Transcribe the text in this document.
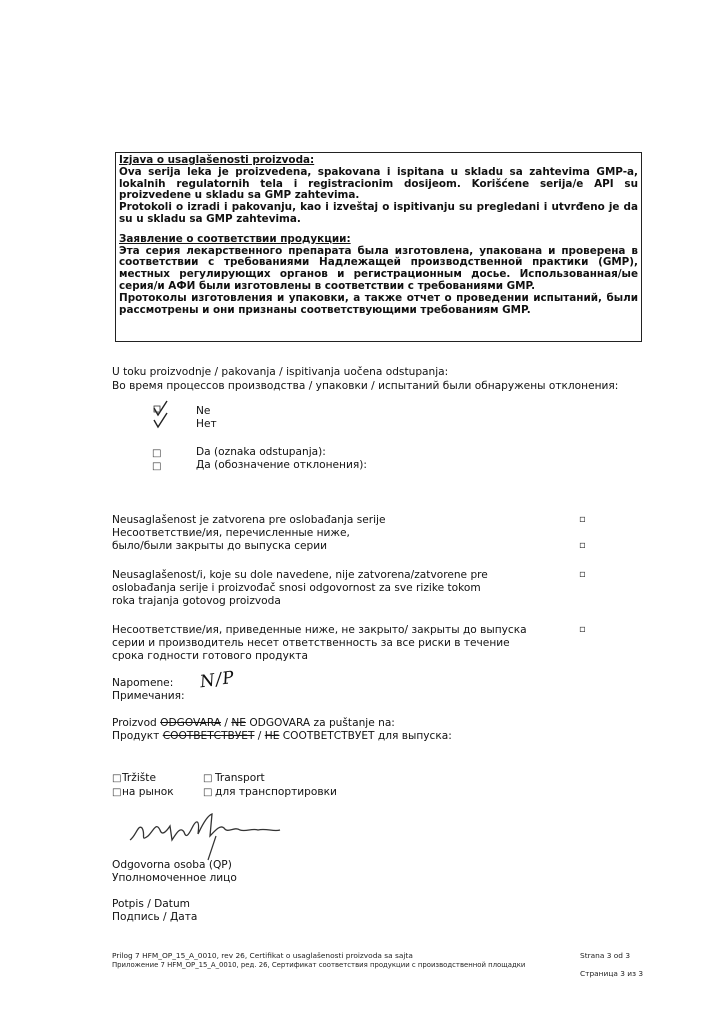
Izjava o usaglašenosti proizvoda:
Ova serija leka je proizvedena, spakovana i ispitana u skladu sa zahtevima GMP-a, lokalnih regulatornih tela i registracionim dosijeom. Korišćene serija/e API su proizvedene u skladu sa GMP zahtevima.
Protokoli o izradi i pakovanju, kao i izveštaj o ispitivanju su pregledani i utvrđeno je da su u skladu sa GMP zahtevima.
Заявление о соответствии продукции:
Эта серия лекарственного препарата была изготовлена, упакована и проверена в соответствии с требованиями Надлежащей производственной практики (GMP), местных регулирующих органов и регистрационным досье. Использованная/ые серия/и АФИ были изготовлены в соответствии с требованиями GMP.
Протоколы изготовления и упаковки, а также отчет о проведении испытаний, были рассмотрены и они признаны соответствующими требованиям GMP.
U toku proizvodnje / pakovanja / ispitivanja uočena odstupanja:
Во время процессов производства / упаковки / испытаний были обнаружены отклонения:
Ne
Нет
□
□
Da (oznaka odstupanja):
Да (обозначение отклонения):
Neusaglašenost je zatvorena pre oslobađanja serije
Несоответствие/ия, перечисленные ниже,
было/были закрыты до выпуска серии
▫
▫
Neusaglašenost/i, koje su dole navedene, nije zatvorena/zatvorene pre
oslobađanja serije i proizvođač snosi odgovornost za sve rizike tokom
roka trajanja gotovog proizvoda
▫
Несоответствие/ия, приведенные ниже, не закрыто/ закрыты до выпуска
серии и производитель несет ответственность за все риски в течение
срока годности готового продукта
▫
Napomene:
Примечания:
N/P
Proizvod ODGOVARA / NE ODGOVARA za puštanje na:
Продукт СООТВЕТСТВУЕТ / НЕ СООТВЕТСТВУЕТ для выпуска:
□
□
Tržište
на рынок
□
□
Transport
для транспортировки
Odgovorna osoba (QP)
Уполномоченное лицо
Potpis / Datum
Подпись / Дата
Prilog 7 HFM_OP_15_A_0010, rev 26, Certifikat o usaglašenosti proizvoda sa sajta	Strana 3 od 3
Приложение 7 HFM_OP_15_A_0010, ред. 26, Сертификат соответствия продукции с производственной площадки
Страница 3 из 3
